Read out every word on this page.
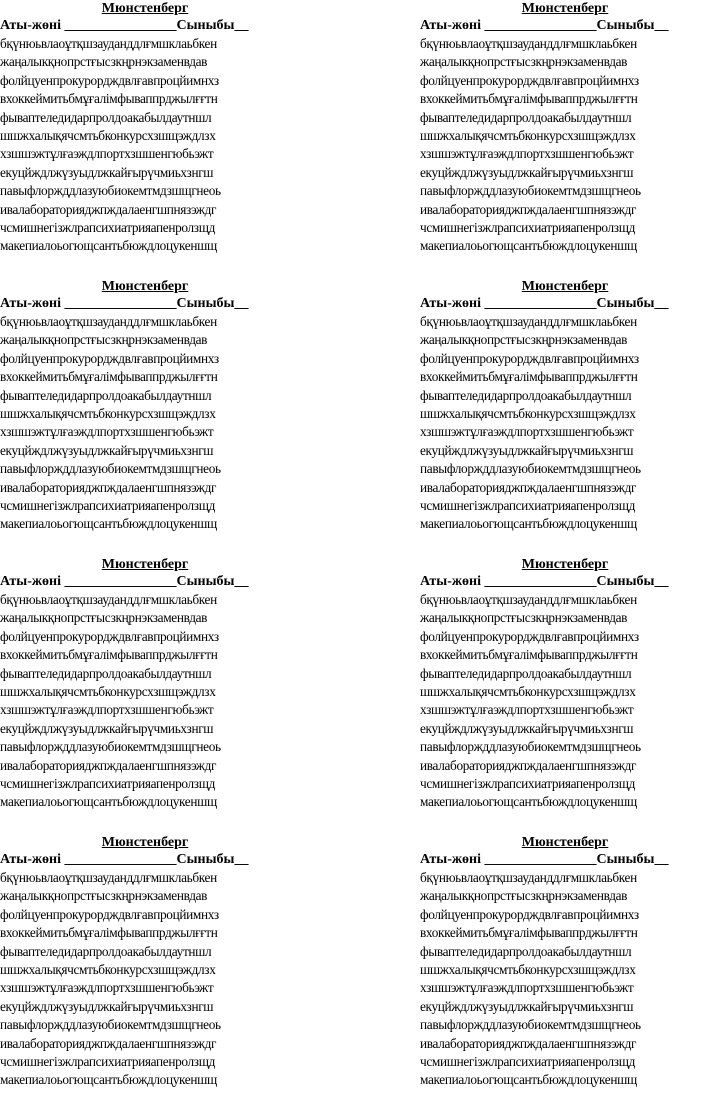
Мюнстенберг
Аты-жөні ________________Сыныбы__
бқүнюьвлаоұтқшзауданддлғмшклаьбкен
жаңалыкқнопрстғысзкңрнэкзаменвдав
фолйцуенпрокурордждвлғавпроцйимнхз
вхоккеймитьбмұғалімфываппрджылғғтн
фываптеледидарпролдоакабылдаутншл
шшжхалықячсмтьбконкурсхзшщэждлзх
хзшшэжтұлғаэждлпортхзшшенгюбьэжт
екуцйждлжүзуыдлжкайғырүчмиьхзнгш
павыфлоржддлазуюбиокемтмдзшщгнеоь
ивалабораторияджпждалаенгшпнязэждг
чсмишнегізжлрапсихиатрияапенролзщд
макепиалоьогющсантьбюждлоцукеншщ
Мюнстенберг
Аты-жөні ________________Сыныбы__
бқүнюьвлаоұтқшзауданддлғмшклаьбкен
жаңалыкқнопрстғысзкңрнэкзаменвдав
фолйцуенпрокурордждвлғавпроцйимнхз
вхоккеймитьбмұғалімфываппрджылғғтн
фываптеледидарпролдоакабылдаутншл
шшжхалықячсмтьбконкурсхзшщэждлзх
хзшшэжтұлғаэждлпортхзшшенгюбьэжт
екуцйждлжүзуыдлжкайғырүчмиьхзнгш
павыфлоржддлазуюбиокемтмдзшщгнеоь
ивалабораторияджпждалаенгшпнязэждг
чсмишнегізжлрапсихиатрияапенролзщд
макепиалоьогющсантьбюждлоцукеншщ
Мюнстенберг
Аты-жөні ________________Сыныбы__
бқүнюьвлаоұтқшзауданддлғмшклаьбкен
жаңалыкқнопрстғысзкңрнэкзаменвдав
фолйцуенпрокурордждвлғавпроцйимнхз
вхоккеймитьбмұғалімфываппрджылғғтн
фываптеледидарпролдоакабылдаутншл
шшжхалықячсмтьбконкурсхзшщэждлзх
хзшшэжтұлғаэждлпортхзшшенгюбьэжт
екуцйждлжүзуыдлжкайғырүчмиьхзнгш
павыфлоржддлазуюбиокемтмдзшщгнеоь
ивалабораторияджпждалаенгшпнязэждг
чсмишнегізжлрапсихиатрияапенролзщд
макепиалоьогющсантьбюждлоцукеншщ
Мюнстенберг
Аты-жөні ________________Сыныбы__
бқүнюьвлаоұтқшзауданддлғмшклаьбкен
жаңалыкқнопрстғысзкңрнэкзаменвдав
фолйцуенпрокурордждвлғавпроцйимнхз
вхоккеймитьбмұғалімфываппрджылғғтн
фываптеледидарпролдоакабылдаутншл
шшжхалықячсмтьбконкурсхзшщэждлзх
хзшшэжтұлғаэждлпортхзшшенгюбьэжт
екуцйждлжүзуыдлжкайғырүчмиьхзнгш
павыфлоржддлазуюбиокемтмдзшщгнеоь
ивалабораторияджпждалаенгшпнязэждг
чсмишнегізжлрапсихиатрияапенролзщд
макепиалоьогющсантьбюждлоцукеншщ
Мюнстенберг
Аты-жөні ________________Сыныбы__
бқүнюьвлаоұтқшзауданддлғмшклаьбкен
жаңалыкқнопрстғысзкңрнэкзаменвдав
фолйцуенпрокурордждвлғавпроцйимнхз
вхоккеймитьбмұғалімфываппрджылғғтн
фываптеледидарпролдоакабылдаутншл
шшжхалықячсмтьбконкурсхзшщэждлзх
хзшшэжтұлғаэждлпортхзшшенгюбьэжт
екуцйждлжүзуыдлжкайғырүчмиьхзнгш
павыфлоржддлазуюбиокемтмдзшщгнеоь
ивалабораторияджпждалаенгшпнязэждг
чсмишнегізжлрапсихиатрияапенролзщд
макепиалоьогющсантьбюждлоцукеншщ
Мюнстенберг
Аты-жөні ________________Сыныбы__
бқүнюьвлаоұтқшзауданддлғмшклаьбкен
жаңалыкқнопрстғысзкңрнэкзаменвдав
фолйцуенпрокурордждвлғавпроцйимнхз
вхоккеймитьбмұғалімфываппрджылғғтн
фываптеледидарпролдоакабылдаутншл
шшжхалықячсмтьбконкурсхзшщэждлзх
хзшшэжтұлғаэждлпортхзшшенгюбьэжт
екуцйждлжүзуыдлжкайғырүчмиьхзнгш
павыфлоржддлазуюбиокемтмдзшщгнеоь
ивалабораторияджпждалаенгшпнязэждг
чсмишнегізжлрапсихиатрияапенролзщд
макепиалоьогющсантьбюждлоцукеншщ
Мюнстенберг
Аты-жөні ________________Сыныбы__
бқүнюьвлаоұтқшзауданддлғмшклаьбкен
жаңалыкқнопрстғысзкңрнэкзаменвдав
фолйцуенпрокурордждвлғавпроцйимнхз
вхоккеймитьбмұғалімфываппрджылғғтн
фываптеледидарпролдоакабылдаутншл
шшжхалықячсмтьбконкурсхзшщэждлзх
хзшшэжтұлғаэждлпортхзшшенгюбьэжт
екуцйждлжүзуыдлжкайғырүчмиьхзнгш
павыфлоржддлазуюбиокемтмдзшщгнеоь
ивалабораторияджпждалаенгшпнязэждг
чсмишнегізжлрапсихиатрияапенролзщд
макепиалоьогющсантьбюждлоцукеншщ
Мюнстенберг
Аты-жөні ________________Сыныбы__
бқүнюьвлаоұтқшзауданддлғмшклаьбкен
жаңалыкқнопрстғысзкңрнэкзаменвдав
фолйцуенпрокурордждвлғавпроцйимнхз
вхоккеймитьбмұғалімфываппрджылғғтн
фываптеледидарпролдоакабылдаутншл
шшжхалықячсмтьбконкурсхзшщэждлзх
хзшшэжтұлғаэждлпортхзшшенгюбьэжт
екуцйждлжүзуыдлжкайғырүчмиьхзнгш
павыфлоржддлазуюбиокемтмдзшщгнеоь
ивалабораторияджпждалаенгшпнязэждг
чсмишнегізжлрапсихиатрияапенролзщд
макепиалоьогющсантьбюждлоцукеншщ
